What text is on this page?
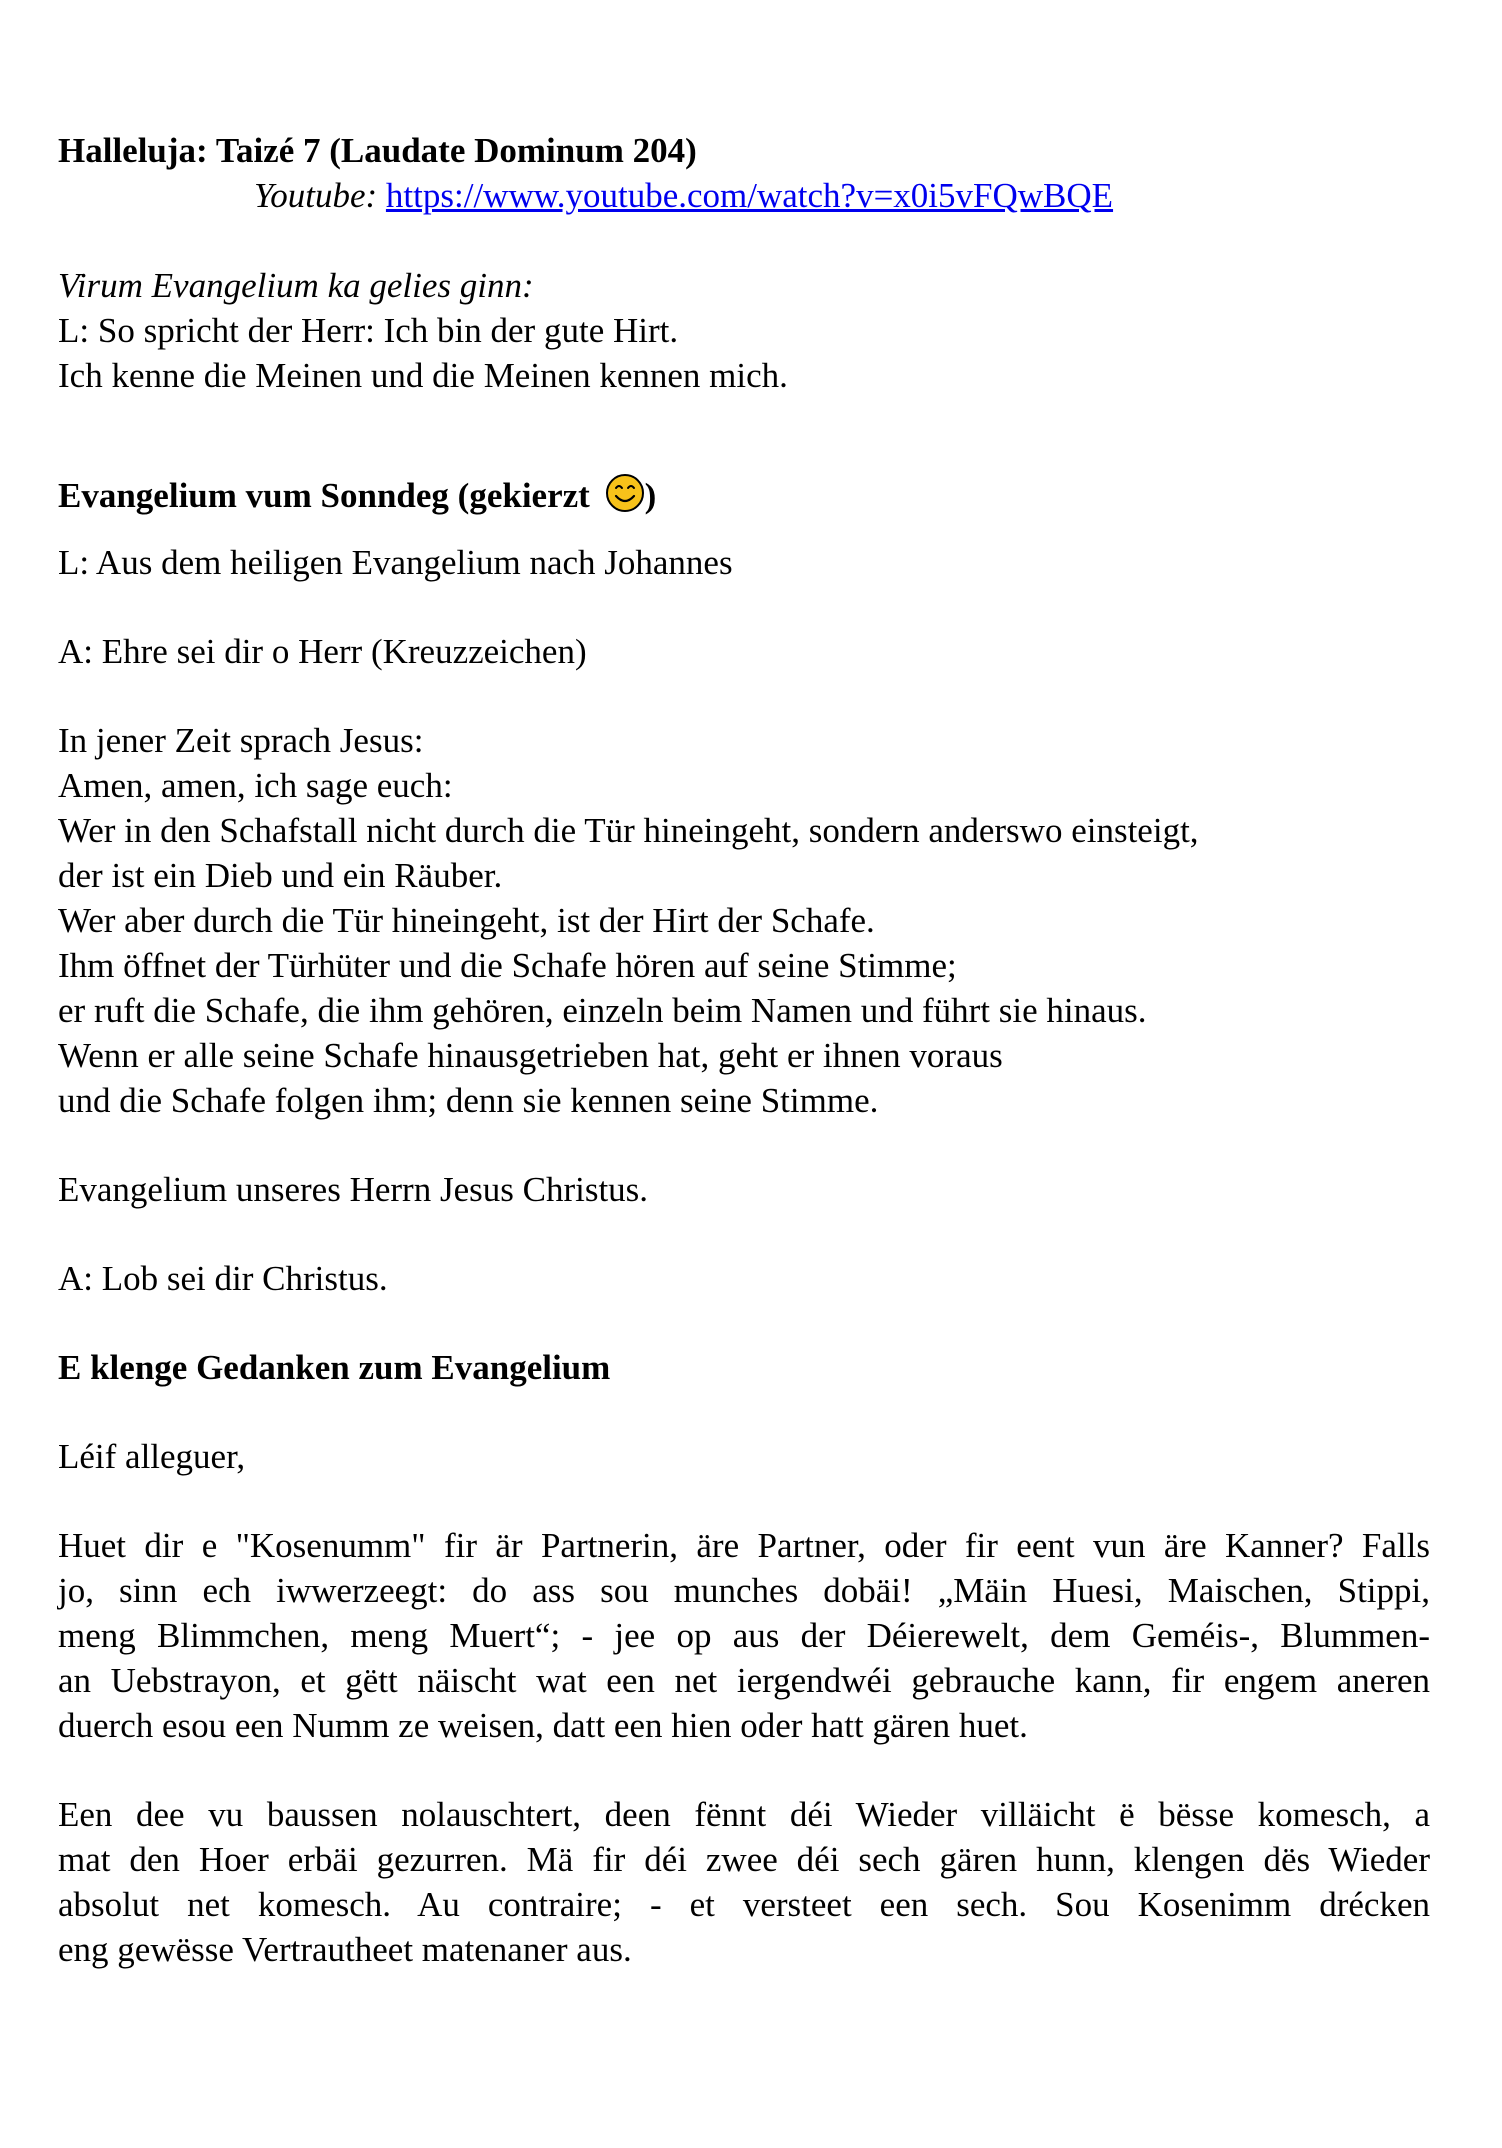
Halleluja: Taizé 7 (Laudate Dominum 204)
Youtube: https://www.youtube.com/watch?v=x0i5vFQwBQE
Virum Evangelium ka gelies ginn:
L: So spricht der Herr: Ich bin der gute Hirt.
Ich kenne die Meinen und die Meinen kennen mich.
Evangelium vum Sonndeg (gekierzt )
L: Aus dem heiligen Evangelium nach Johannes
A: Ehre sei dir o Herr (Kreuzzeichen)
In jener Zeit sprach Jesus:
Amen, amen, ich sage euch:
Wer in den Schafstall nicht durch die Tür hineingeht, sondern anderswo einsteigt,
der ist ein Dieb und ein Räuber.
Wer aber durch die Tür hineingeht, ist der Hirt der Schafe.
Ihm öffnet der Türhüter und die Schafe hören auf seine Stimme;
er ruft die Schafe, die ihm gehören, einzeln beim Namen und führt sie hinaus.
Wenn er alle seine Schafe hinausgetrieben hat, geht er ihnen voraus
und die Schafe folgen ihm; denn sie kennen seine Stimme.
Evangelium unseres Herrn Jesus Christus.
A: Lob sei dir Christus.
E klenge Gedanken zum Evangelium
Léif alleguer,
Huet dir e "Kosenumm" fir är Partnerin, äre Partner, oder fir eent vun äre Kanner? Falls
jo, sinn ech iwwerzeegt: do ass sou munches dobäi! „Mäin Huesi, Maischen, Stippi,
meng Blimmchen, meng Muert“; - jee op aus der Déierewelt, dem Geméis-, Blummen-
an Uebstrayon, et gëtt näischt wat een net iergendwéi gebrauche kann, fir engem aneren
duerch esou een Numm ze weisen, datt een hien oder hatt gären huet.
Een dee vu baussen nolauschtert, deen fënnt déi Wieder villäicht ë bësse komesch, a
mat den Hoer erbäi gezurren. Mä fir déi zwee déi sech gären hunn, klengen dës Wieder
absolut net komesch. Au contraire; - et versteet een sech. Sou Kosenimm drécken
eng gewësse Vertrautheet matenaner aus.
